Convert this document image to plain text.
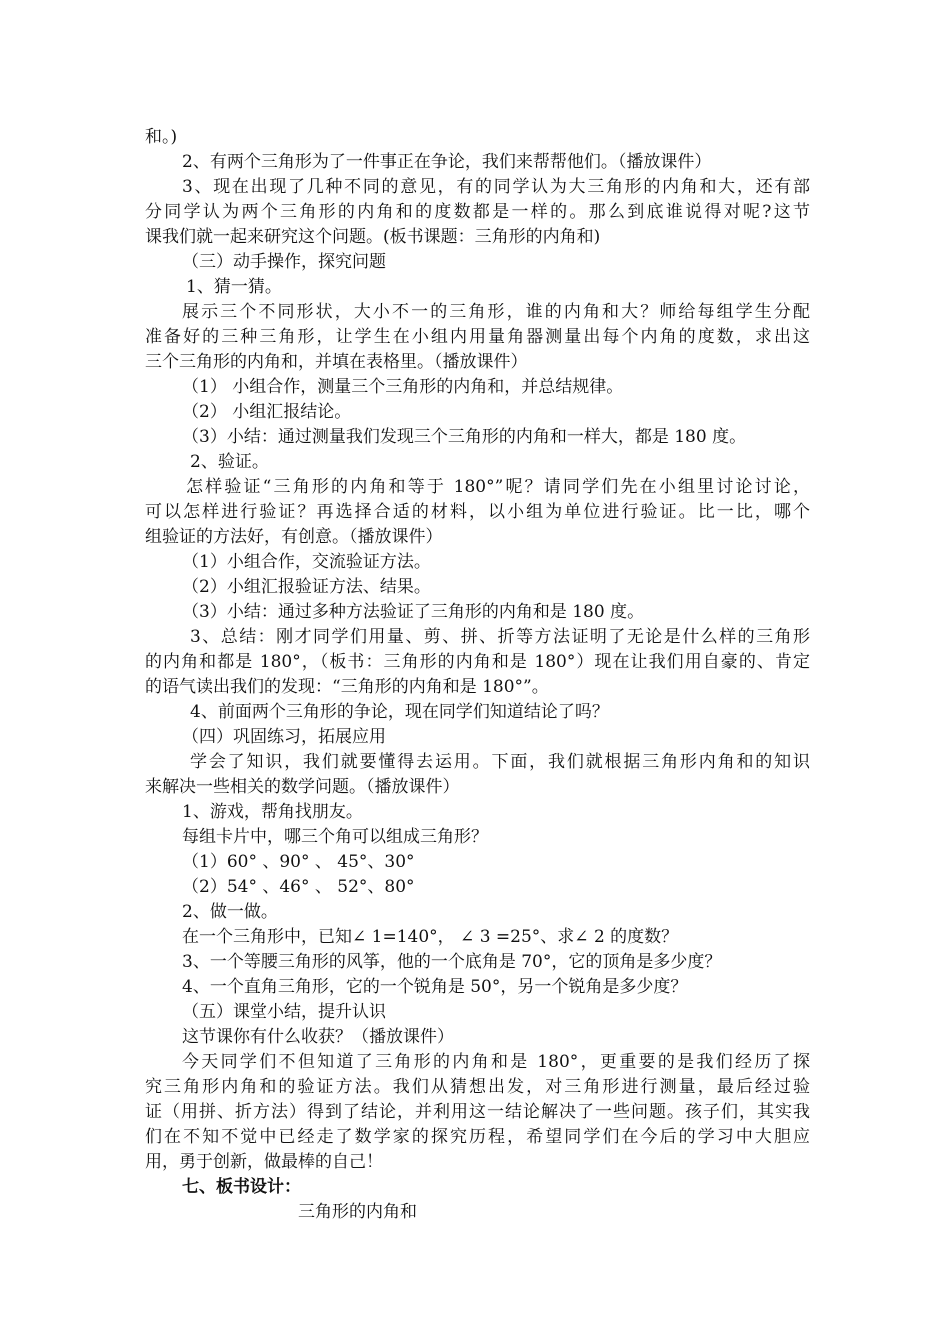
和。)
2、有两个三角形为了一件事正在争论，我们来帮帮他们。（播放课件）
3、现在出现了几种不同的意见，有的同学认为大三角形的内角和大，还有部
分同学认为两个三角形的内角和的度数都是一样的。那么到底谁说得对呢?这节
课我们就一起来研究这个问题。(板书课题：三角形的内角和)
（三）动手操作，探究问题
1、猜一猜。
展示三个不同形状，大小不一的三角形，谁的内角和大？师给每组学生分配
准备好的三种三角形，让学生在小组内用量角器测量出每个内角的度数，求出这
三个三角形的内角和，并填在表格里。（播放课件）
（1） 小组合作，测量三个三角形的内角和，并总结规律。
（2） 小组汇报结论。
（3）小结：通过测量我们发现三个三角形的内角和一样大，都是 180 度。
2、验证。
怎样验证“三角形的内角和等于 180°”呢？请同学们先在小组里讨论讨论，
可以怎样进行验证？再选择合适的材料，以小组为单位进行验证。比一比，哪个
组验证的方法好，有创意。（播放课件）
（1）小组合作，交流验证方法。
（2）小组汇报验证方法、结果。
（3）小结：通过多种方法验证了三角形的内角和是 180 度。
3、总结：刚才同学们用量、剪、拼、折等方法证明了无论是什么样的三角形
的内角和都是 180°，（板书：三角形的内角和是 180°）现在让我们用自豪的、肯定
的语气读出我们的发现：“三角形的内角和是 180°”。
4、前面两个三角形的争论，现在同学们知道结论了吗？
（四）巩固练习，拓展应用
学会了知识，我们就要懂得去运用。下面，我们就根据三角形内角和的知识
来解决一些相关的数学问题。（播放课件）
1、游戏，帮角找朋友。
每组卡片中，哪三个角可以组成三角形？
（1）60° 、90° 、 45°、30°
（2）54° 、46° 、 52°、80°
2、做一做。
在一个三角形中，已知∠ 1=140°， ∠ 3 =25°、求∠ 2 的度数？
3、一个等腰三角形的风筝，他的一个底角是 70°，它的顶角是多少度？
4、一个直角三角形，它的一个锐角是 50°，另一个锐角是多少度？
（五）课堂小结，提升认识
这节课你有什么收获？（播放课件）
今天同学们不但知道了三角形的内角和是 180°，更重要的是我们经历了探
究三角形内角和的验证方法。我们从猜想出发，对三角形进行测量，最后经过验
证（用拼、折方法）得到了结论，并利用这一结论解决了一些问题。孩子们，其实我
们在不知不觉中已经走了数学家的探究历程，希望同学们在今后的学习中大胆应
用，勇于创新，做最棒的自己！
七、板书设计：
三角形的内角和
